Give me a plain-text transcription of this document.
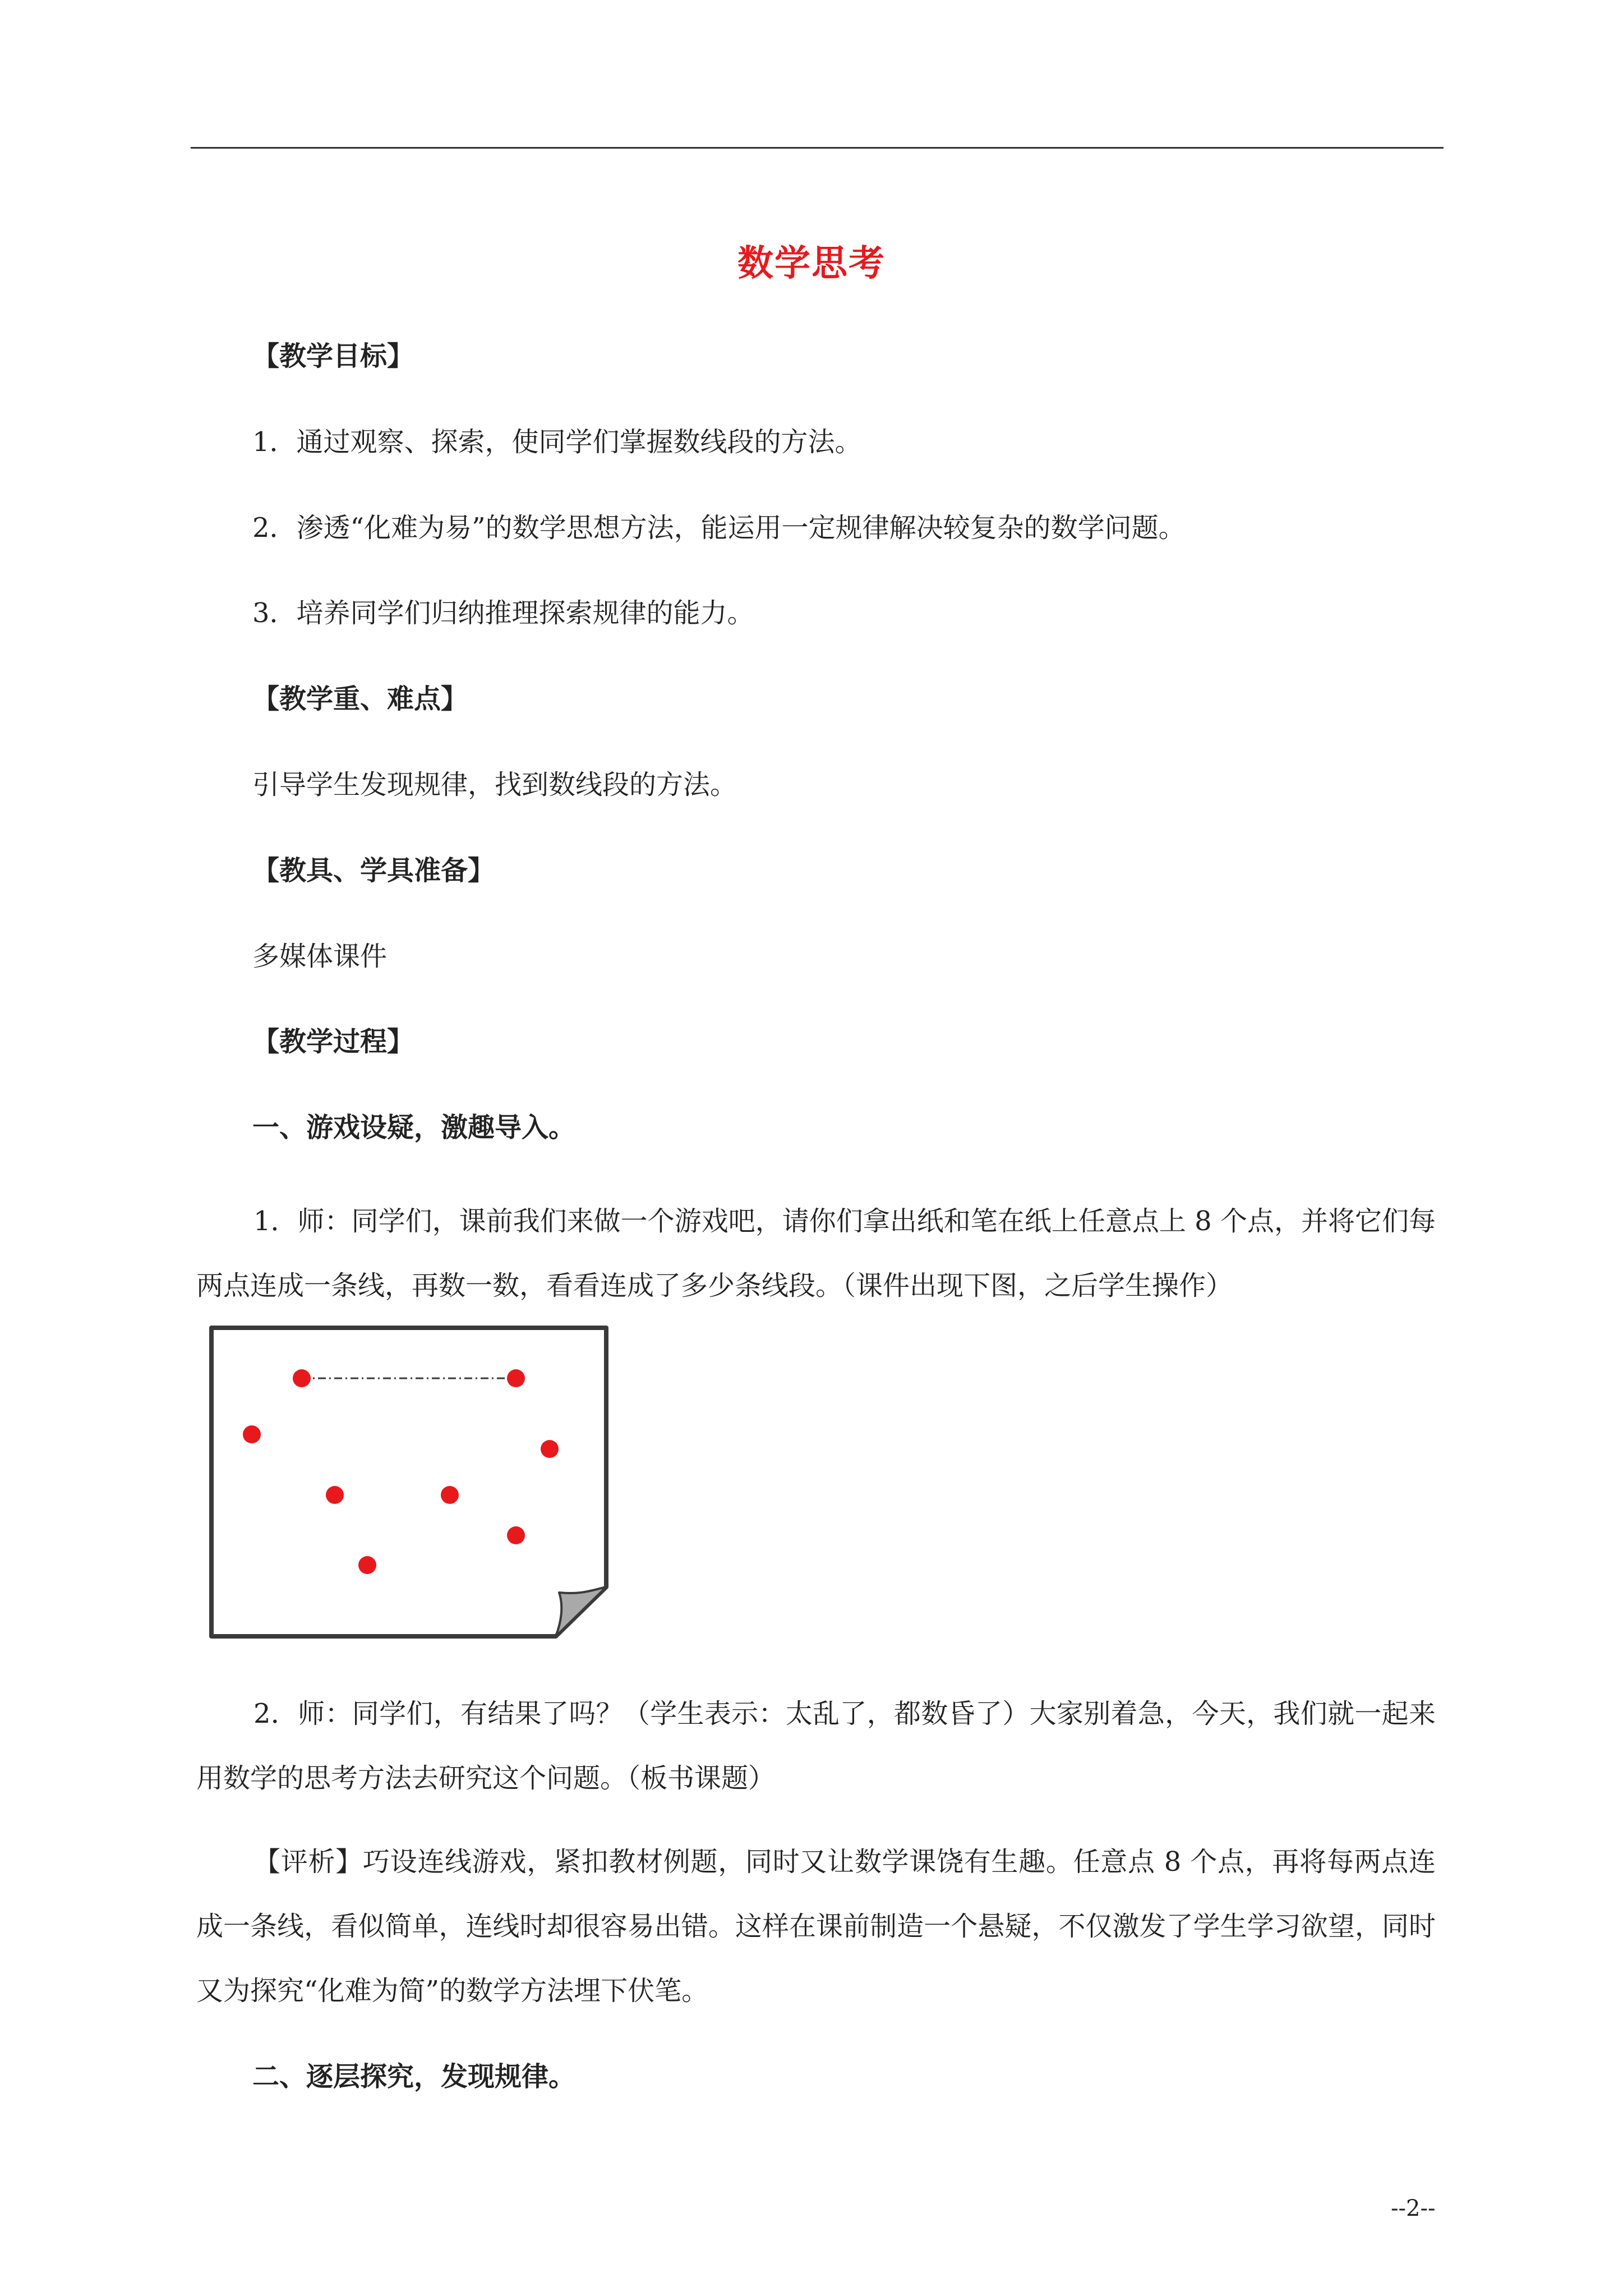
数学思考
【教学目标】
1．通过观察、探索，使同学们掌握数线段的方法。
2．渗透“化难为易”的数学思想方法，能运用一定规律解决较复杂的数学问题。
3．培养同学们归纳推理探索规律的能力。
【教学重、难点】
引导学生发现规律，找到数线段的方法。
【教具、学具准备】
多媒体课件
【教学过程】
一、游戏设疑，激趣导入。
1．师：同学们，课前我们来做一个游戏吧，请你们拿出纸和笔在纸上任意点上 8 个点，并将它们每两点连成一条线，再数一数，看看连成了多少条线段。（课件出现下图，之后学生操作）
2．师：同学们，有结果了吗？（学生表示：太乱了，都数昏了）大家别着急，今天，我们就一起来用数学的思考方法去研究这个问题。（板书课题）
【评析】巧设连线游戏，紧扣教材例题，同时又让数学课饶有生趣。任意点 8 个点，再将每两点连成一条线，看似简单，连线时却很容易出错。这样在课前制造一个悬疑，不仅激发了学生学习欲望，同时又为探究“化难为简”的数学方法埋下伏笔。
二、逐层探究，发现规律。
--2--
